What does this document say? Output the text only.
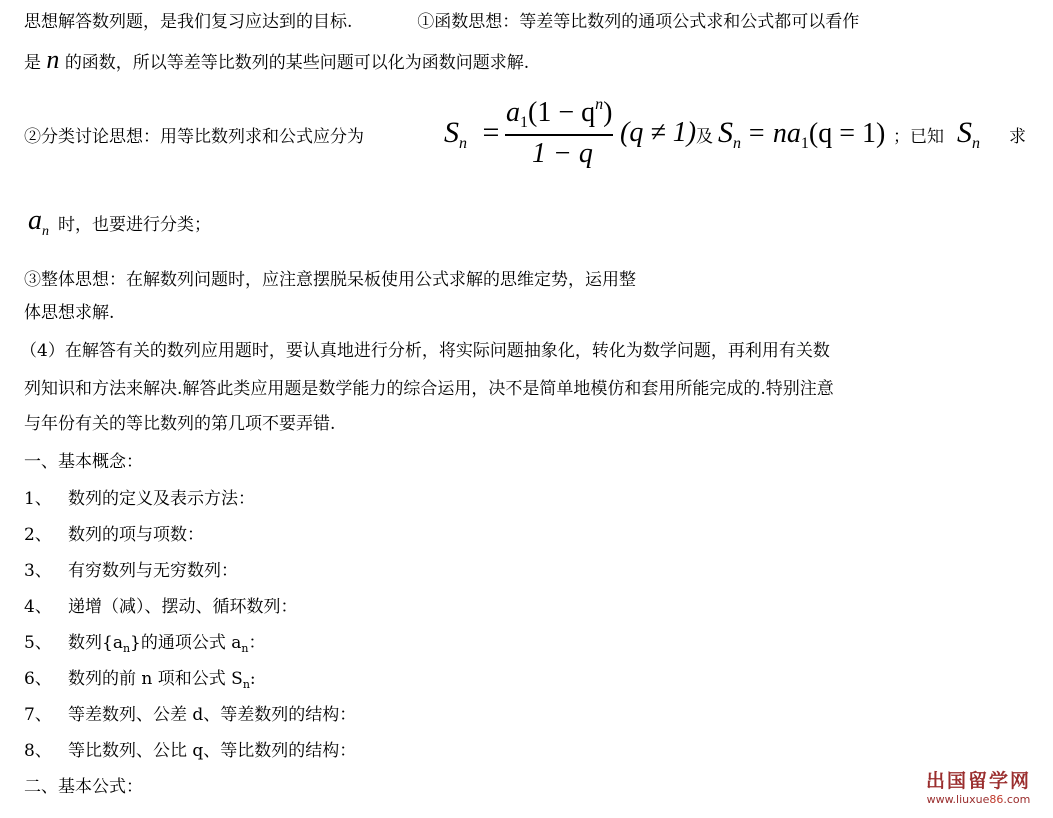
思想解答数列题，是我们复习应达到的目标.	①函数思想：等差等比数列的通项公式求和公式都可以看作
是 n 的函数，所以等差等比数列的某些问题可以化为函数问题求解.
②分类讨论思想：用等比数列求和公式应分为	$S_n$ =
$a_1(1 - q^n)$
1 − q
(q ≠ 1) 及 $S_n = na_1(q = 1)$ ；已知 $S_n$ 求
$a_n$ 时，也要进行分类；
③整体思想：在解数列问题时，应注意摆脱呆板使用公式求解的思维定势，运用整
体思想求解.
（4）在解答有关的数列应用题时，要认真地进行分析，将实际问题抽象化，转化为数学问题，再利用有关数
列知识和方法来解决.解答此类应用题是数学能力的综合运用，决不是简单地模仿和套用所能完成的.特别注意
与年份有关的等比数列的第几项不要弄错.
一、基本概念：
1、 数列的定义及表示方法：
2、 数列的项与项数：
3、 有穷数列与无穷数列：
4、 递增（减）、摆动、循环数列：
5、 数列$\{a_n\}$的通项公式 $a_n$：
6、 数列的前 n 项和公式 $S_n$:
7、 等差数列、公差 d、等差数列的结构：
8、 等比数列、公比 q、等比数列的结构：
二、基本公式：	出国留学网
www.liuxue86.com
